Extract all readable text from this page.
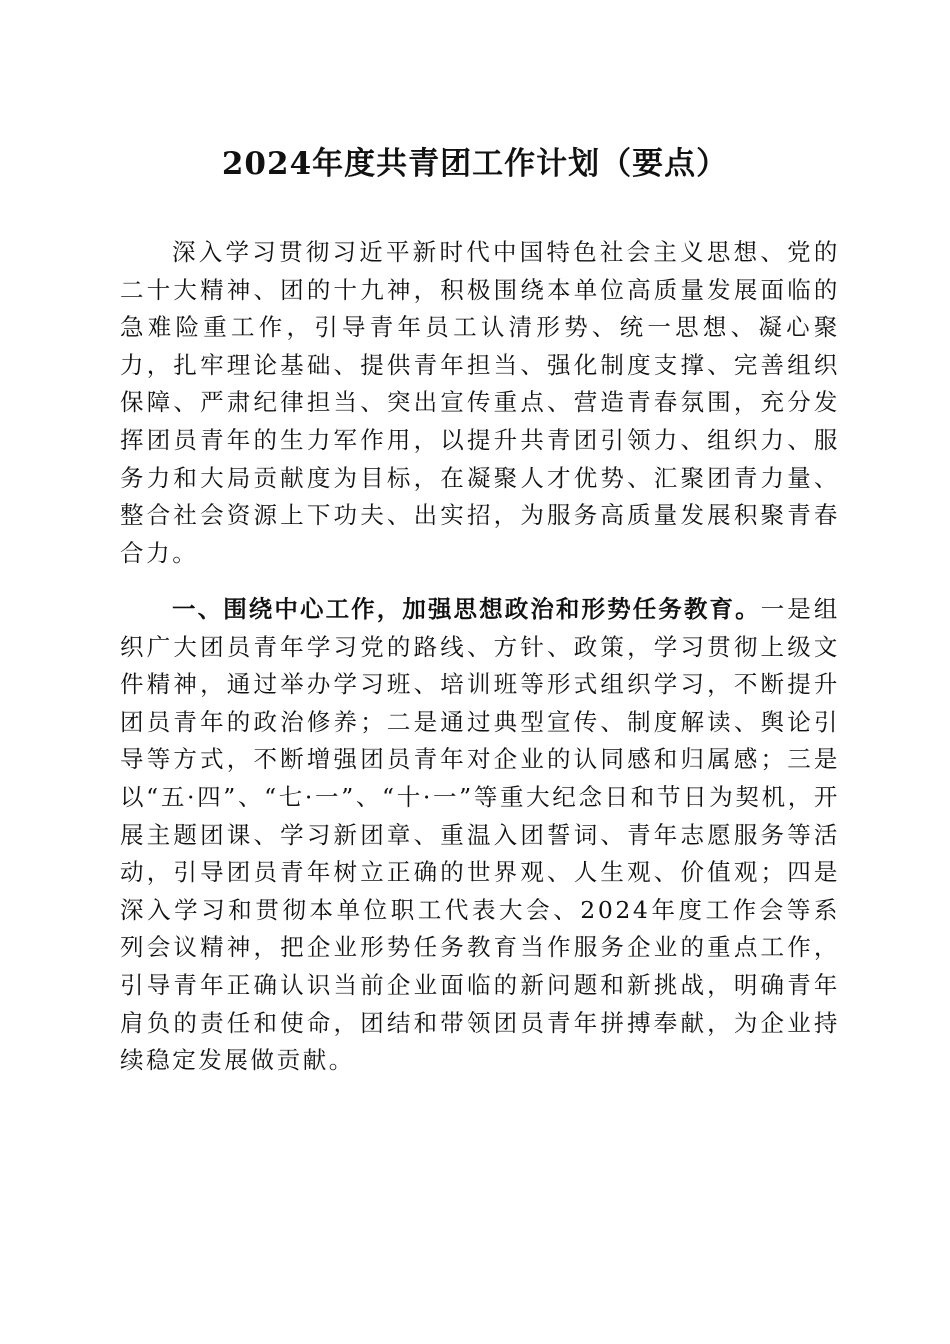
2024年度共青团工作计划（要点）

深入学习贯彻习近平新时代中国特色社会主义思想、党的二十大精神、团的十九神，积极围绕本单位高质量发展面临的急难险重工作，引导青年员工认清形势、统一思想、凝心聚力，扎牢理论基础、提供青年担当、强化制度支撑、完善组织保障、严肃纪律担当、突出宣传重点、营造青春氛围，充分发挥团员青年的生力军作用，以提升共青团引领力、组织力、服务力和大局贡献度为目标，在凝聚人才优势、汇聚团青力量、整合社会资源上下功夫、出实招，为服务高质量发展积聚青春合力。

一、围绕中心工作，加强思想政治和形势任务教育。一是组织广大团员青年学习党的路线、方针、政策，学习贯彻上级文件精神，通过举办学习班、培训班等形式组织学习，不断提升团员青年的政治修养；二是通过典型宣传、制度解读、舆论引导等方式，不断增强团员青年对企业的认同感和归属感；三是以“五·四”、“七·一”、“十·一”等重大纪念日和节日为契机，开展主题团课、学习新团章、重温入团誓词、青年志愿服务等活动，引导团员青年树立正确的世界观、人生观、价值观；四是深入学习和贯彻本单位职工代表大会、2024年度工作会等系列会议精神，把企业形势任务教育当作服务企业的重点工作，引导青年正确认识当前企业面临的新问题和新挑战，明确青年肩负的责任和使命，团结和带领团员青年拼搏奉献，为企业持续稳定发展做贡献。
